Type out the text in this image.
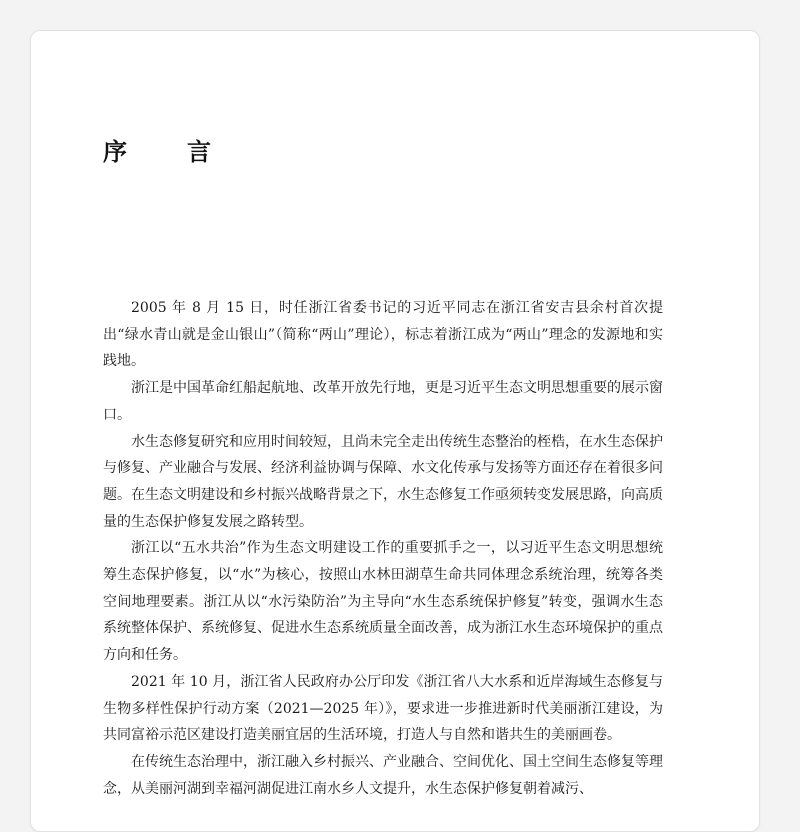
序　言

2005 年 8 月 15 日，时任浙江省委书记的习近平同志在浙江省安吉县余村首次提出“绿水青山就是金山银山”（简称“两山”理论），标志着浙江成为“两山”理念的发源地和实践地。

浙江是中国革命红船起航地、改革开放先行地，更是习近平生态文明思想重要的展示窗口。

水生态修复研究和应用时间较短，且尚未完全走出传统生态整治的桎梏，在水生态保护与修复、产业融合与发展、经济利益协调与保障、水文化传承与发扬等方面还存在着很多问题。在生态文明建设和乡村振兴战略背景之下，水生态修复工作亟须转变发展思路，向高质量的生态保护修复发展之路转型。

浙江以“五水共治”作为生态文明建设工作的重要抓手之一，以习近平生态文明思想统筹生态保护修复，以“水”为核心，按照山水林田湖草生命共同体理念系统治理，统筹各类空间地理要素。浙江从以“水污染防治”为主导向“水生态系统保护修复”转变，强调水生态系统整体保护、系统修复、促进水生态系统质量全面改善，成为浙江水生态环境保护的重点方向和任务。

2021 年 10 月，浙江省人民政府办公厅印发《浙江省八大水系和近岸海域生态修复与生物多样性保护行动方案（2021—2025 年）》，要求进一步推进新时代美丽浙江建设，为共同富裕示范区建设打造美丽宜居的生活环境，打造人与自然和谐共生的美丽画卷。

在传统生态治理中，浙江融入乡村振兴、产业融合、空间优化、国土空间生态修复等理念，从美丽河湖到幸福河湖促进江南水乡人文提升，水生态保护修复朝着减污、
